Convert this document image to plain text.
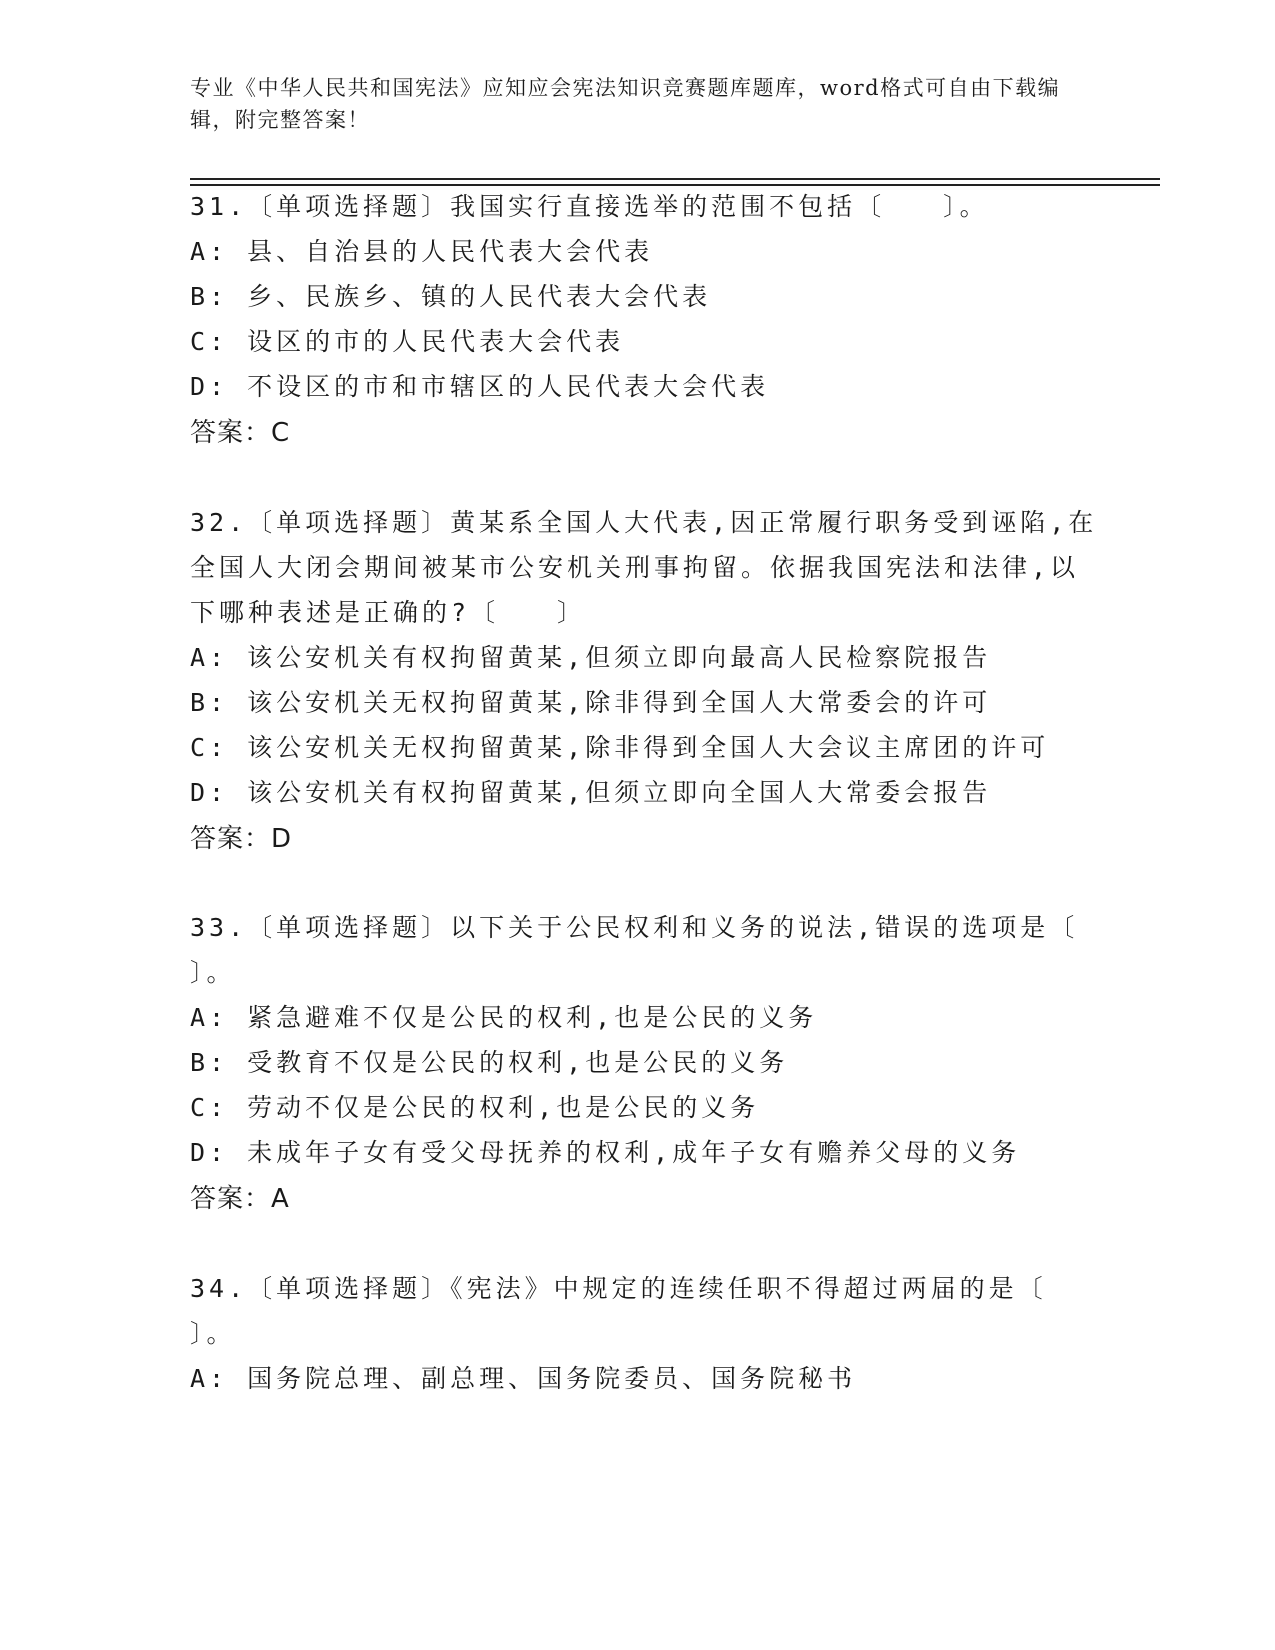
专业《中华人民共和国宪法》应知应会宪法知识竞赛题库题库，word格式可自由下载编辑，附完整答案！
31.〔单项选择题〕我国实行直接选举的范围不包括〔　　〕。
A: 县、自治县的人民代表大会代表
B: 乡、民族乡、镇的人民代表大会代表
C: 设区的市的人民代表大会代表
D: 不设区的市和市辖区的人民代表大会代表
答案：C
32.〔单项选择题〕黄某系全国人大代表,因正常履行职务受到诬陷,在
全国人大闭会期间被某市公安机关刑事拘留。依据我国宪法和法律,以
下哪种表述是正确的?〔　　〕
A: 该公安机关有权拘留黄某,但须立即向最高人民检察院报告
B: 该公安机关无权拘留黄某,除非得到全国人大常委会的许可
C: 该公安机关无权拘留黄某,除非得到全国人大会议主席团的许可
D: 该公安机关有权拘留黄某,但须立即向全国人大常委会报告
答案：D
33.〔单项选择题〕以下关于公民权利和义务的说法,错误的选项是〔
〕。
A: 紧急避难不仅是公民的权利,也是公民的义务
B: 受教育不仅是公民的权利,也是公民的义务
C: 劳动不仅是公民的权利,也是公民的义务
D: 未成年子女有受父母抚养的权利,成年子女有赡养父母的义务
答案：A
34.〔单项选择题〕《宪法》中规定的连续任职不得超过两届的是〔
〕。
A: 国务院总理、副总理、国务院委员、国务院秘书
